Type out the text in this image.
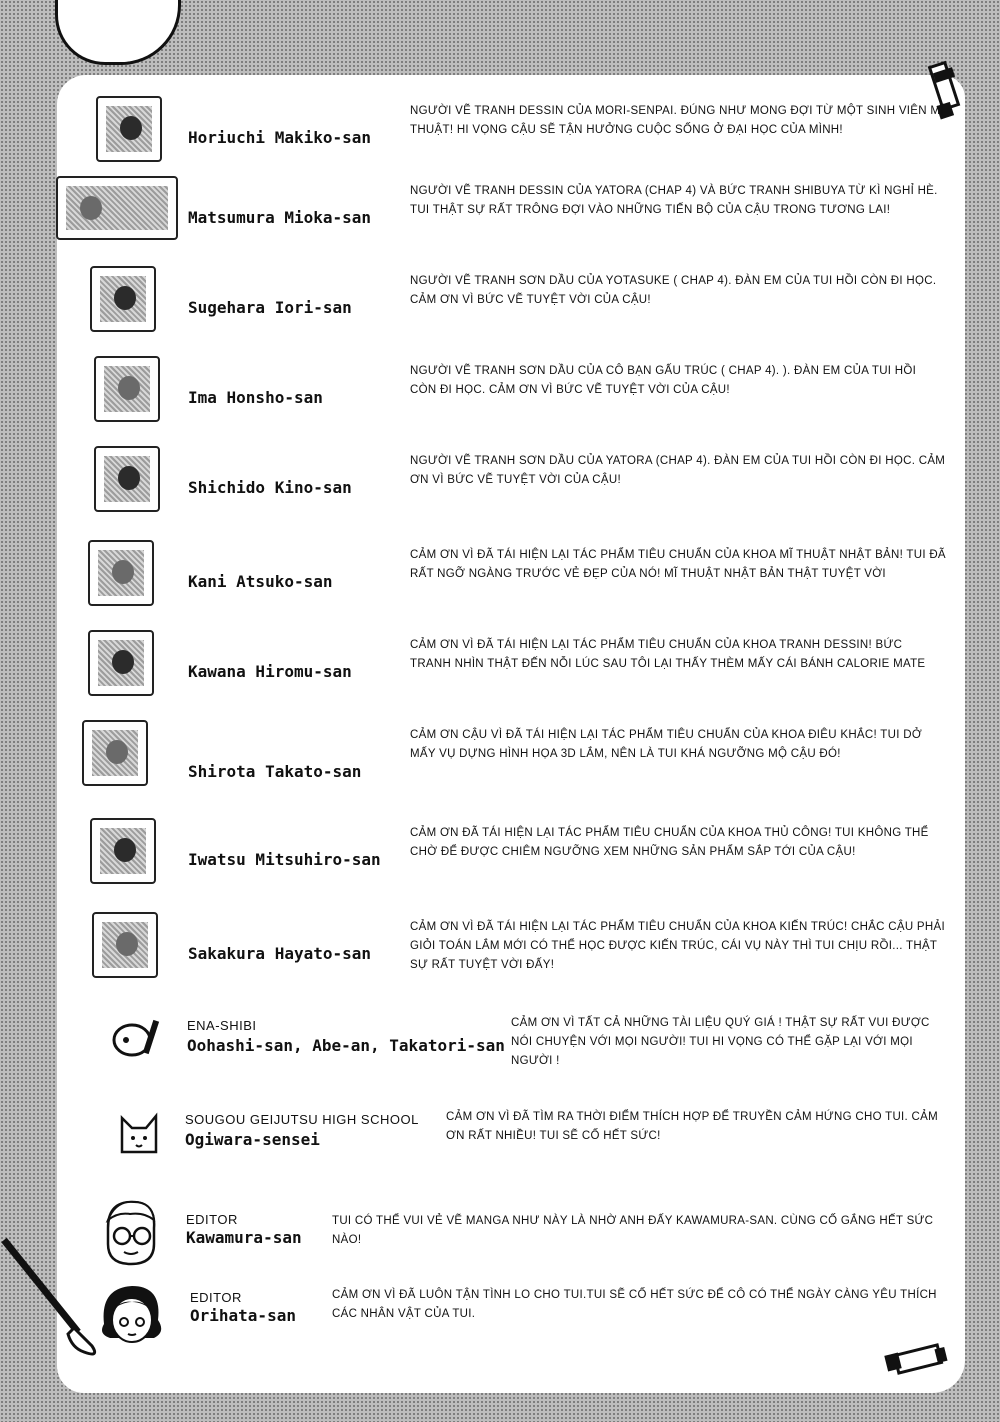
Horiuchi Makiko-san
NGƯỜI VẼ TRANH DESSIN CỦA MORI-SENPAI. ĐÚNG NHƯ MONG ĐỢI TỪ MỘT SINH VIÊN MĨ THUẬT! HI VỌNG CẬU SẼ TẬN HƯỞNG CUỘC SỐNG Ở ĐẠI HỌC CỦA MÌNH!
Matsumura Mioka-san
NGƯỜI VẼ TRANH DESSIN CỦA YATORA (CHAP 4) VÀ BỨC TRANH SHIBUYA TỪ KÌ NGHỈ HÈ. TUI THẬT SỰ RẤT TRÔNG ĐỢI VÀO NHỮNG TIẾN BỘ CỦA CẬU TRONG TƯƠNG LAI!
Sugehara Iori-san
NGƯỜI VẼ TRANH SƠN DẦU CỦA YOTASUKE ( CHAP 4). ĐÀN EM CỦA TUI HỒI CÒN ĐI HỌC. CẢM ƠN VÌ BỨC VẼ TUYỆT VỜI CỦA CẬU!
Ima Honsho-san
NGƯỜI VẼ TRANH SƠN DẦU CỦA CÔ BẠN GẤU TRÚC ( CHAP 4). ). ĐÀN EM CỦA TUI HỒI CÒN ĐI HỌC. CẢM ƠN VÌ BỨC VẼ TUYỆT VỜI CỦA CẬU!
Shichido Kino-san
NGƯỜI VẼ TRANH SƠN DẦU CỦA YATORA (CHAP 4). ĐÀN EM CỦA TUI HỒI CÒN ĐI HỌC. CẢM ƠN VÌ BỨC VẼ TUYỆT VỜI CỦA CẬU!
Kani Atsuko-san
CẢM ƠN VÌ ĐÃ TÁI HIỆN LẠI TÁC PHẨM TIÊU CHUẨN CỦA KHOA MĨ THUẬT NHẬT BẢN! TUI ĐÃ RẤT NGỠ NGÀNG TRƯỚC VẺ ĐẸP CỦA NÓ! MĨ THUẬT NHẬT BẢN THẬT TUYỆT VỜI
Kawana Hiromu-san
CẢM ƠN VÌ ĐÃ TÁI HIỆN LẠI TÁC PHẨM TIÊU CHUẨN CỦA KHOA TRANH DESSIN! BỨC TRANH NHÌN THẬT ĐẾN NỖI LÚC SAU TÔI LẠI THẤY THÈM MẤY CÁI BÁNH CALORIE MATE
Shirota Takato-san
CẢM ƠN CẬU VÌ ĐÃ TÁI HIỆN LẠI TÁC PHẨM TIÊU CHUẨN CỦA KHOA ĐIÊU KHẮC! TUI DỞ MẤY VỤ DỰNG HÌNH HỌA 3D LẮM, NÊN LÀ TUI KHÁ NGƯỠNG MỘ CẬU ĐÓ!
Iwatsu Mitsuhiro-san
CẢM ƠN ĐÃ TÁI HIỆN LẠI TÁC PHẨM TIÊU CHUẨN CỦA KHOA THỦ CÔNG! TUI KHÔNG THỂ CHỜ ĐỂ ĐƯỢC CHIÊM NGƯỠNG XEM NHỮNG SẢN PHẨM SẮP TỚI CỦA CẬU!
Sakakura Hayato-san
CẢM ƠN VÌ ĐÃ TÁI HIỆN LẠI TÁC PHẨM TIÊU CHUẨN CỦA KHOA KIẾN TRÚC! CHẮC CẬU PHẢI GIỎI TOÁN LẮM MỚI CÓ THỂ HỌC ĐƯỢC KIẾN TRÚC, CÁI VỤ NÀY THÌ TUI CHỊU RỒI... THẬT SỰ RẤT TUYỆT VỜI ĐẤY!
ENA-SHIBI
Oohashi-san, Abe-an, Takatori-san
CẢM ƠN VÌ TẤT CẢ NHỮNG TÀI LIỆU QUÝ GIÁ ! THẬT SỰ RẤT VUI ĐƯỢC NÓI CHUYỆN VỚI MỌI NGƯỜI! TUI HI VỌNG CÓ THỂ GẶP LẠI VỚI MỌI NGƯỜI !
SOUGOU GEIJUTSU HIGH SCHOOL
Ogiwara-sensei
CẢM ƠN VÌ ĐÃ TÌM RA THỜI ĐIỂM THÍCH HỢP ĐỂ TRUYỀN CẢM HỨNG CHO TUI. CẢM ƠN RẤT NHIỀU! TUI SẼ CỐ HẾT SỨC!
EDITOR
Kawamura-san
TUI CÓ THỂ VUI VẺ VẼ MANGA NHƯ NÀY LÀ NHỜ ANH ĐẤY KAWAMURA-SAN. CÙNG CỐ GẮNG HẾT SỨC NÀO!
EDITOR
Orihata-san
CẢM ƠN VÌ ĐÃ LUÔN TẬN TÌNH LO CHO TUI.TUI SẼ CỐ HẾT SỨC ĐỂ CÔ CÓ THỂ NGÀY CÀNG YÊU THÍCH CÁC NHÂN VẬT CỦA TUI.
